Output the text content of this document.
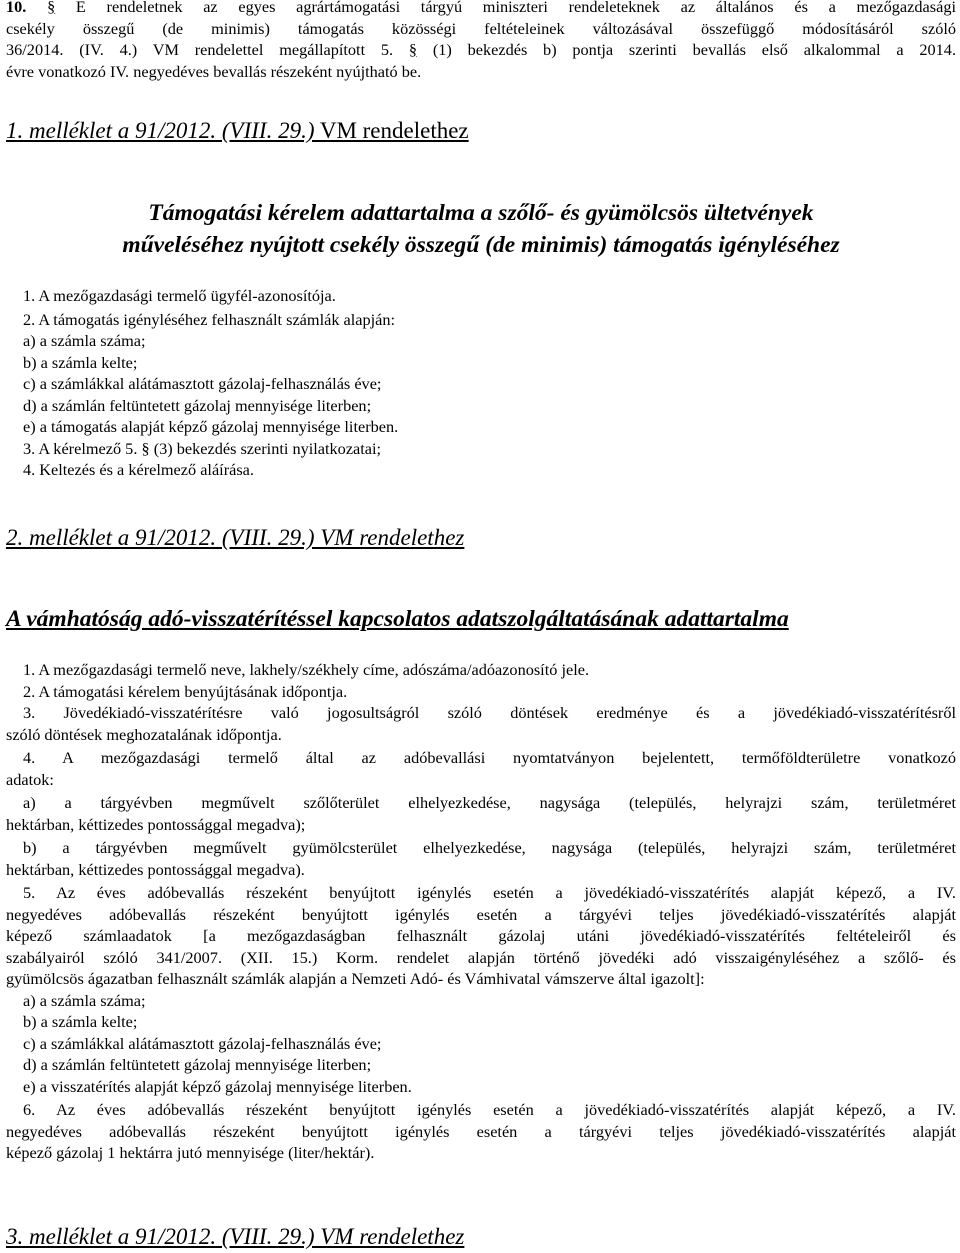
10. § E rendeletnek az egyes agrártámogatási tárgyú miniszteri rendeleteknek az általános és a mezőgazdasági

csekély összegű (de minimis) támogatás közösségi feltételeinek változásával összefüggő módosításáról szóló

36/2014. (IV. 4.) VM rendelettel megállapított 5. § (1) bekezdés b) pontja szerinti bevallás első alkalommal a 2014.

évre vonatkozó IV. negyedéves bevallás részeként nyújtható be.

1. melléklet a 91/2012. (VIII. 29.) VM rendelethez
Támogatási kérelem adattartalma a szőlő- és gyümölcsös ültetvények
műveléséhez nyújtott csekély összegű (de minimis) támogatás igényléséhez

1. A mezőgazdasági termelő ügyfél-azonosítója.

2. A támogatás igényléséhez felhasznált számlák alapján:

a) a számla száma;

b) a számla kelte;

c) a számlákkal alátámasztott gázolaj-felhasználás éve;

d) a számlán feltüntetett gázolaj mennyisége literben;

e) a támogatás alapját képző gázolaj mennyisége literben.

3. A kérelmező 5. § (3) bekezdés szerinti nyilatkozatai;

4. Keltezés és a kérelmező aláírása.

2. melléklet a 91/2012. (VIII. 29.) VM rendelethez
A vámhatóság adó-visszatérítéssel kapcsolatos adatszolgáltatásának adattartalma

1. A mezőgazdasági termelő neve, lakhely/székhely címe, adószáma/adóazonosító jele.

2. A támogatási kérelem benyújtásának időpontja.

3. Jövedékiadó-visszatérítésre való jogosultságról szóló döntések eredménye és a jövedékiadó-visszatérítésről

szóló döntések meghozatalának időpontja.

4. A mezőgazdasági termelő által az adóbevallási nyomtatványon bejelentett, termőföldterületre vonatkozó

adatok:

a) a tárgyévben megművelt szőlőterület elhelyezkedése, nagysága (település, helyrajzi szám, területméret

hektárban, kéttizedes pontossággal megadva);

b) a tárgyévben megművelt gyümölcsterület elhelyezkedése, nagysága (település, helyrajzi szám, területméret

hektárban, kéttizedes pontossággal megadva).

5. Az éves adóbevallás részeként benyújtott igénylés esetén a jövedékiadó-visszatérítés alapját képező, a IV.

negyedéves adóbevallás részeként benyújtott igénylés esetén a tárgyévi teljes jövedékiadó-visszatérítés alapját

képező számlaadatok [a mezőgazdaságban felhasznált gázolaj utáni jövedékiadó-visszatérítés feltételeiről és

szabályairól szóló 341/2007. (XII. 15.) Korm. rendelet alapján történő jövedéki adó visszaigényléséhez a szőlő- és

gyümölcsös ágazatban felhasznált számlák alapján a Nemzeti Adó- és Vámhivatal vámszerve által igazolt]:

a) a számla száma;

b) a számla kelte;

c) a számlákkal alátámasztott gázolaj-felhasználás éve;

d) a számlán feltüntetett gázolaj mennyisége literben;

e) a visszatérítés alapját képző gázolaj mennyisége literben.

6. Az éves adóbevallás részeként benyújtott igénylés esetén a jövedékiadó-visszatérítés alapját képező, a IV.

negyedéves adóbevallás részeként benyújtott igénylés esetén a tárgyévi teljes jövedékiadó-visszatérítés alapját

képező gázolaj 1 hektárra jutó mennyisége (liter/hektár).

3. melléklet a 91/2012. (VIII. 29.) VM rendelethez
